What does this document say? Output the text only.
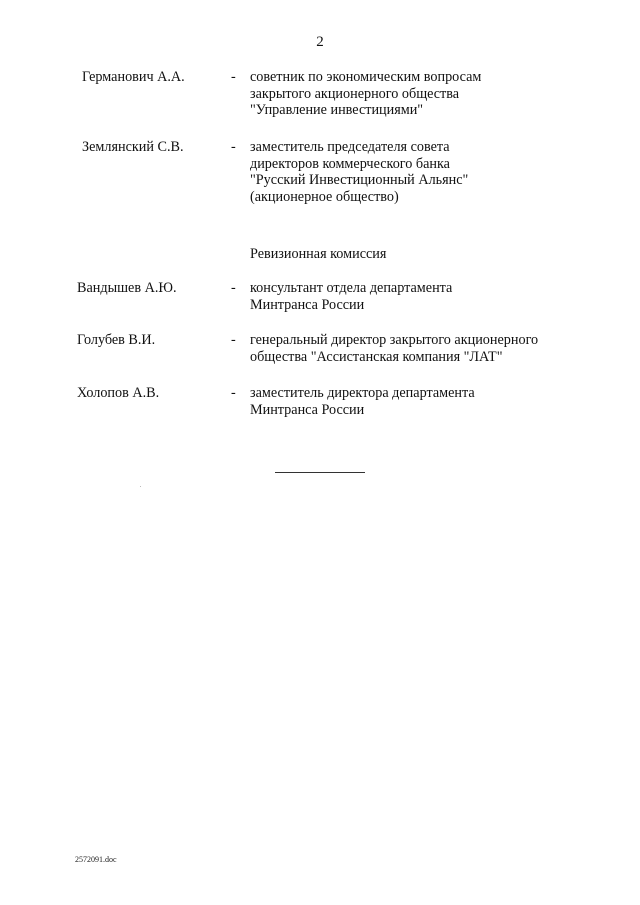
2
Германович А.А.	- советник по экономическим вопросам
закрытого акционерного общества
"Управление инвестициями"
Землянский С.В.	- заместитель председателя совета
директоров коммерческого банка
"Русский Инвестиционный Альянс"
(акционерное общество)
Ревизионная комиссия
Вандышев А.Ю.	- консультант отдела департамента
Минтранса России
Голубев В.И.	- генеральный директор закрытого акционерного
общества "Ассистанская компания "ЛАТ"
Холопов А.В.	- заместитель директора департамента
Минтранса России
2572091.doc
